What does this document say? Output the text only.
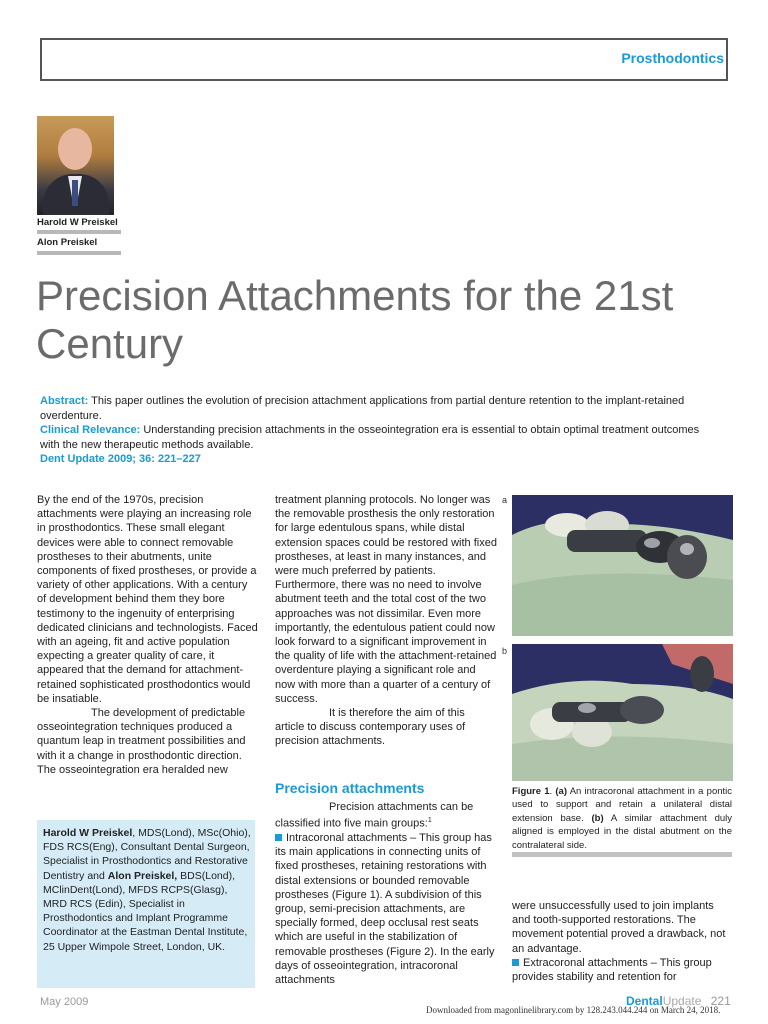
Prosthodontics
Harold W Preiskel
Alon Preiskel
Precision Attachments for the 21st Century
Abstract: This paper outlines the evolution of precision attachment applications from partial denture retention to the implant-retained overdenture.
Clinical Relevance: Understanding precision attachments in the osseointegration era is essential to obtain optimal treatment outcomes with the new therapeutic methods available.
Dent Update 2009; 36: 221–227

By the end of the 1970s, precision attachments were playing an increasing role in prosthodontics. These small elegant devices were able to connect removable prostheses to their abutments, unite components of fixed prostheses, or provide a variety of other applications. With a century of development behind them they bore testimony to the ingenuity of enterprising dedicated clinicians and technologists. Faced with an ageing, fit and active population expecting a greater quality of care, it appeared that the demand for attachment-retained sophisticated prosthodontics would be insatiable.

The development of predictable osseointegration techniques produced a quantum leap in treatment possibilities and with it a change in prosthodontic direction. The osseointegration era heralded new

Harold W Preiskel, MDS(Lond), MSc(Ohio), FDS RCS(Eng), Consultant Dental Surgeon, Specialist in Prosthodontics and Restorative Dentistry and Alon Preiskel, BDS(Lond), MClinDent(Lond), MFDS RCPS(Glasg), MRD RCS (Edin), Specialist in Prosthodontics and Implant Programme Coordinator at the Eastman Dental Institute, 25 Upper Wimpole Street, London, UK.

treatment planning protocols. No longer was the removable prosthesis the only restoration for large edentulous spans, while distal extension spaces could be restored with fixed prostheses, at least in many instances, and were much preferred by patients. Furthermore, there was no need to involve abutment teeth and the total cost of the two approaches was not dissimilar. Even more importantly, the edentulous patient could now look forward to a significant improvement in the quality of life with the attachment-retained overdenture playing a significant role and now with more than a quarter of a century of success.

It is therefore the aim of this article to discuss contemporary uses of precision attachments.

Precision attachments

Precision attachments can be classified into five main groups:$^1$

Intracoronal attachments – This group has its main applications in connecting units of fixed prostheses, retaining restorations with distal extensions or bounded removable prostheses (Figure 1). A subdivision of this group, semi-precision attachments, are specially formed, deep occlusal rest seats which are useful in the stabilization of removable prostheses (Figure 2). In the early days of osseointegration, intracoronal attachments

were unsuccessfully used to join implants and tooth-supported restorations. The movement potential proved a drawback, not an advantage.

Extracoronal attachments – This group provides stability and retention for

a
b
Figure 1. (a) An intracoronal attachment in a pontic used to support and retain a unilateral distal extension base. (b) A similar attachment duly aligned is employed in the distal abutment on the contralateral side.
May 2009	DentalUpdate 221
Downloaded from magonlinelibrary.com by 128.243.044.244 on March 24, 2018.
